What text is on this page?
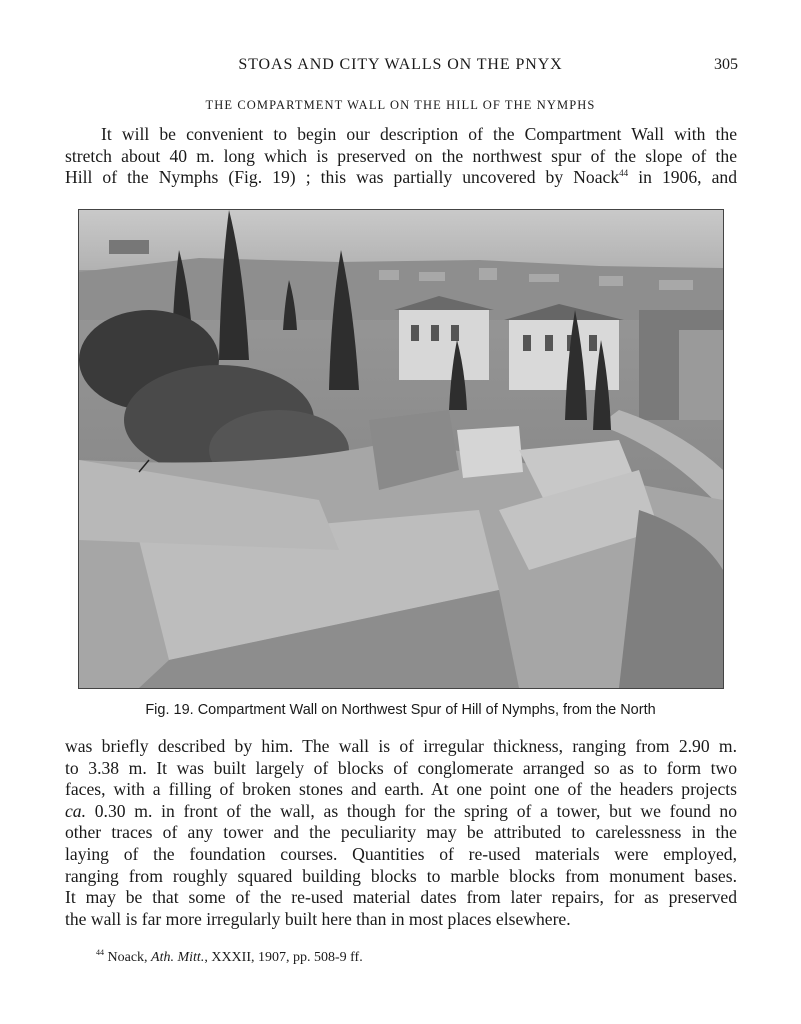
STOAS AND CITY WALLS ON THE PNYX	305
THE COMPARTMENT WALL ON THE HILL OF THE NYMPHS

It will be convenient to begin our description of the Compartment Wall with the
stretch about 40 m. long which is preserved on the northwest spur of the slope of the
Hill of the Nymphs (Fig. 19) ; this was partially uncovered by Noack$^{44}$ in 1906, and

Fig. 19. Compartment Wall on Northwest Spur of Hill of Nymphs, from the North

was briefly described by him. The wall is of irregular thickness, ranging from 2.90 m.
to 3.38 m. It was built largely of blocks of conglomerate arranged so as to form two
faces, with a filling of broken stones and earth. At one point one of the headers projects
ca. 0.30 m. in front of the wall, as though for the spring of a tower, but we found no
other traces of any tower and the peculiarity may be attributed to carelessness in the
laying of the foundation courses. Quantities of re-used materials were employed,
ranging from roughly squared building blocks to marble blocks from monument bases.
It may be that some of the re-used material dates from later repairs, for as preserved
the wall is far more irregularly built here than in most places elsewhere.

$^{44}$ Noack, Ath. Mitt., XXXII, 1907, pp. 508-9 ff.
